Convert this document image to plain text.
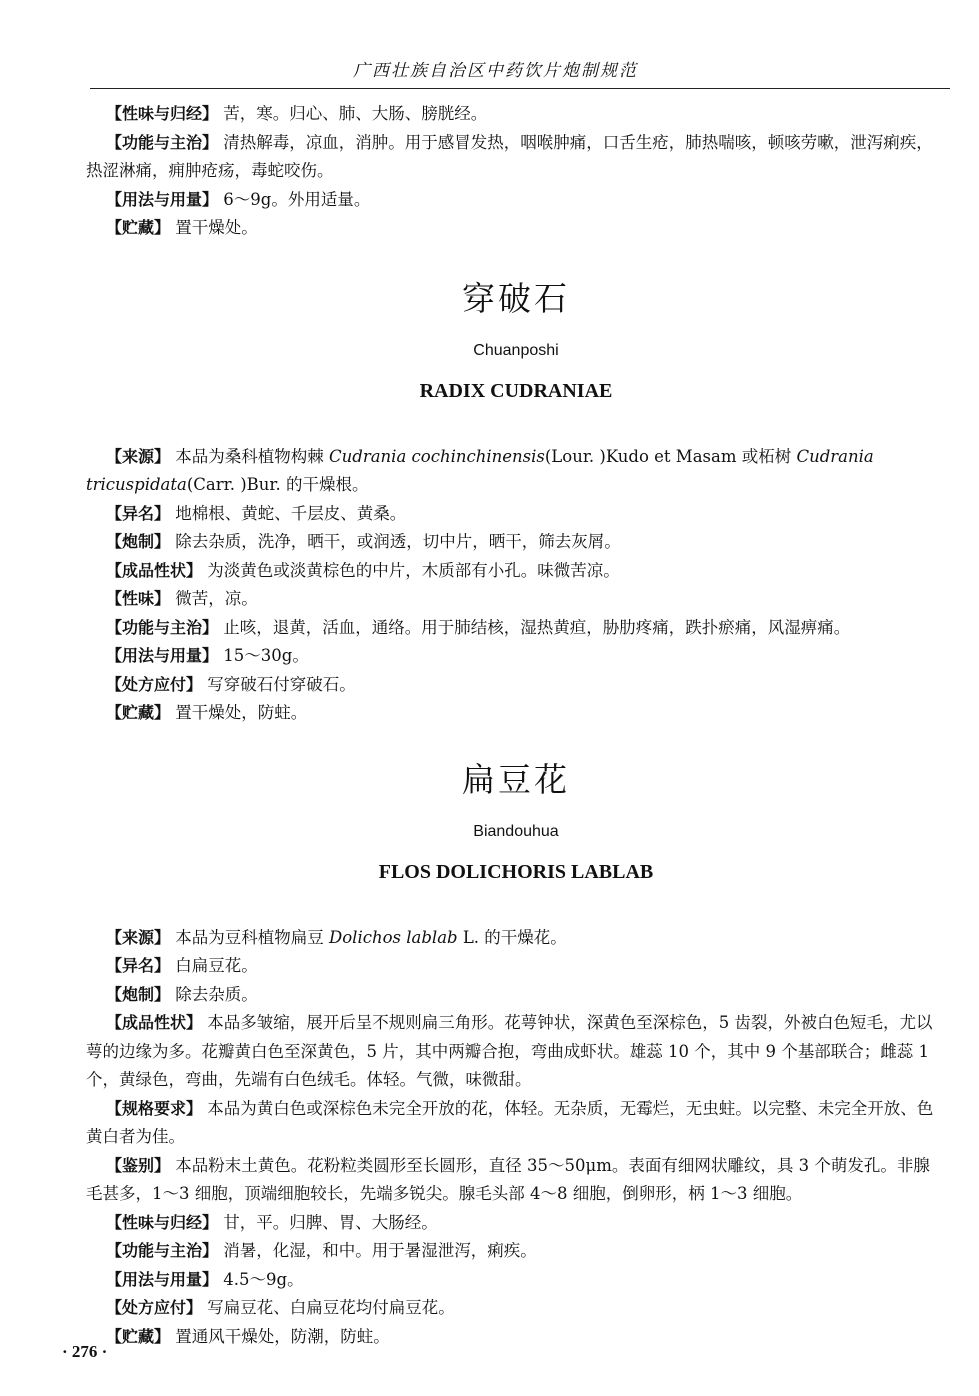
广西壮族自治区中药饮片炮制规范

【性味与归经】 苦，寒。归心、肺、大肠、膀胱经。

【功能与主治】 清热解毒，凉血，消肿。用于感冒发热，咽喉肿痛，口舌生疮，肺热喘咳，顿咳劳嗽，泄泻痢疾，热涩淋痛，痈肿疮疡，毒蛇咬伤。

【用法与用量】 6～9g。外用适量。

【贮藏】 置干燥处。

穿破石

Chuanposhi

RADIX CUDRANIAE

【来源】 本品为桑科植物构棘 Cudrania cochinchinensis(Lour. )Kudo et Masam 或柘树 Cudrania tricuspidata(Carr. )Bur. 的干燥根。

【异名】 地棉根、黄蛇、千层皮、黄桑。

【炮制】 除去杂质，洗净，晒干，或润透，切中片，晒干，筛去灰屑。

【成品性状】 为淡黄色或淡黄棕色的中片，木质部有小孔。味微苦凉。

【性味】 微苦，凉。

【功能与主治】 止咳，退黄，活血，通络。用于肺结核，湿热黄疸，胁肋疼痛，跌扑瘀痛，风湿痹痛。

【用法与用量】 15～30g。

【处方应付】 写穿破石付穿破石。

【贮藏】 置干燥处，防蛀。

扁豆花

Biandouhua

FLOS DOLICHORIS LABLAB

【来源】 本品为豆科植物扁豆 Dolichos lablab L. 的干燥花。

【异名】 白扁豆花。

【炮制】 除去杂质。

【成品性状】 本品多皱缩，展开后呈不规则扁三角形。花萼钟状，深黄色至深棕色，5 齿裂，外被白色短毛，尤以萼的边缘为多。花瓣黄白色至深黄色，5 片，其中两瓣合抱，弯曲成虾状。雄蕊 10 个，其中 9 个基部联合；雌蕊 1 个，黄绿色，弯曲，先端有白色绒毛。体轻。气微，味微甜。

【规格要求】 本品为黄白色或深棕色未完全开放的花，体轻。无杂质，无霉烂，无虫蛀。以完整、未完全开放、色黄白者为佳。

【鉴别】 本品粉末土黄色。花粉粒类圆形至长圆形，直径 35～50μm。表面有细网状雕纹，具 3 个萌发孔。非腺毛甚多，1～3 细胞，顶端细胞较长，先端多锐尖。腺毛头部 4～8 细胞，倒卵形，柄 1～3 细胞。

【性味与归经】 甘，平。归脾、胃、大肠经。

【功能与主治】 消暑，化湿，和中。用于暑湿泄泻，痢疾。

【用法与用量】 4.5～9g。

【处方应付】 写扁豆花、白扁豆花均付扁豆花。

【贮藏】 置通风干燥处，防潮，防蛀。

· 276 ·
